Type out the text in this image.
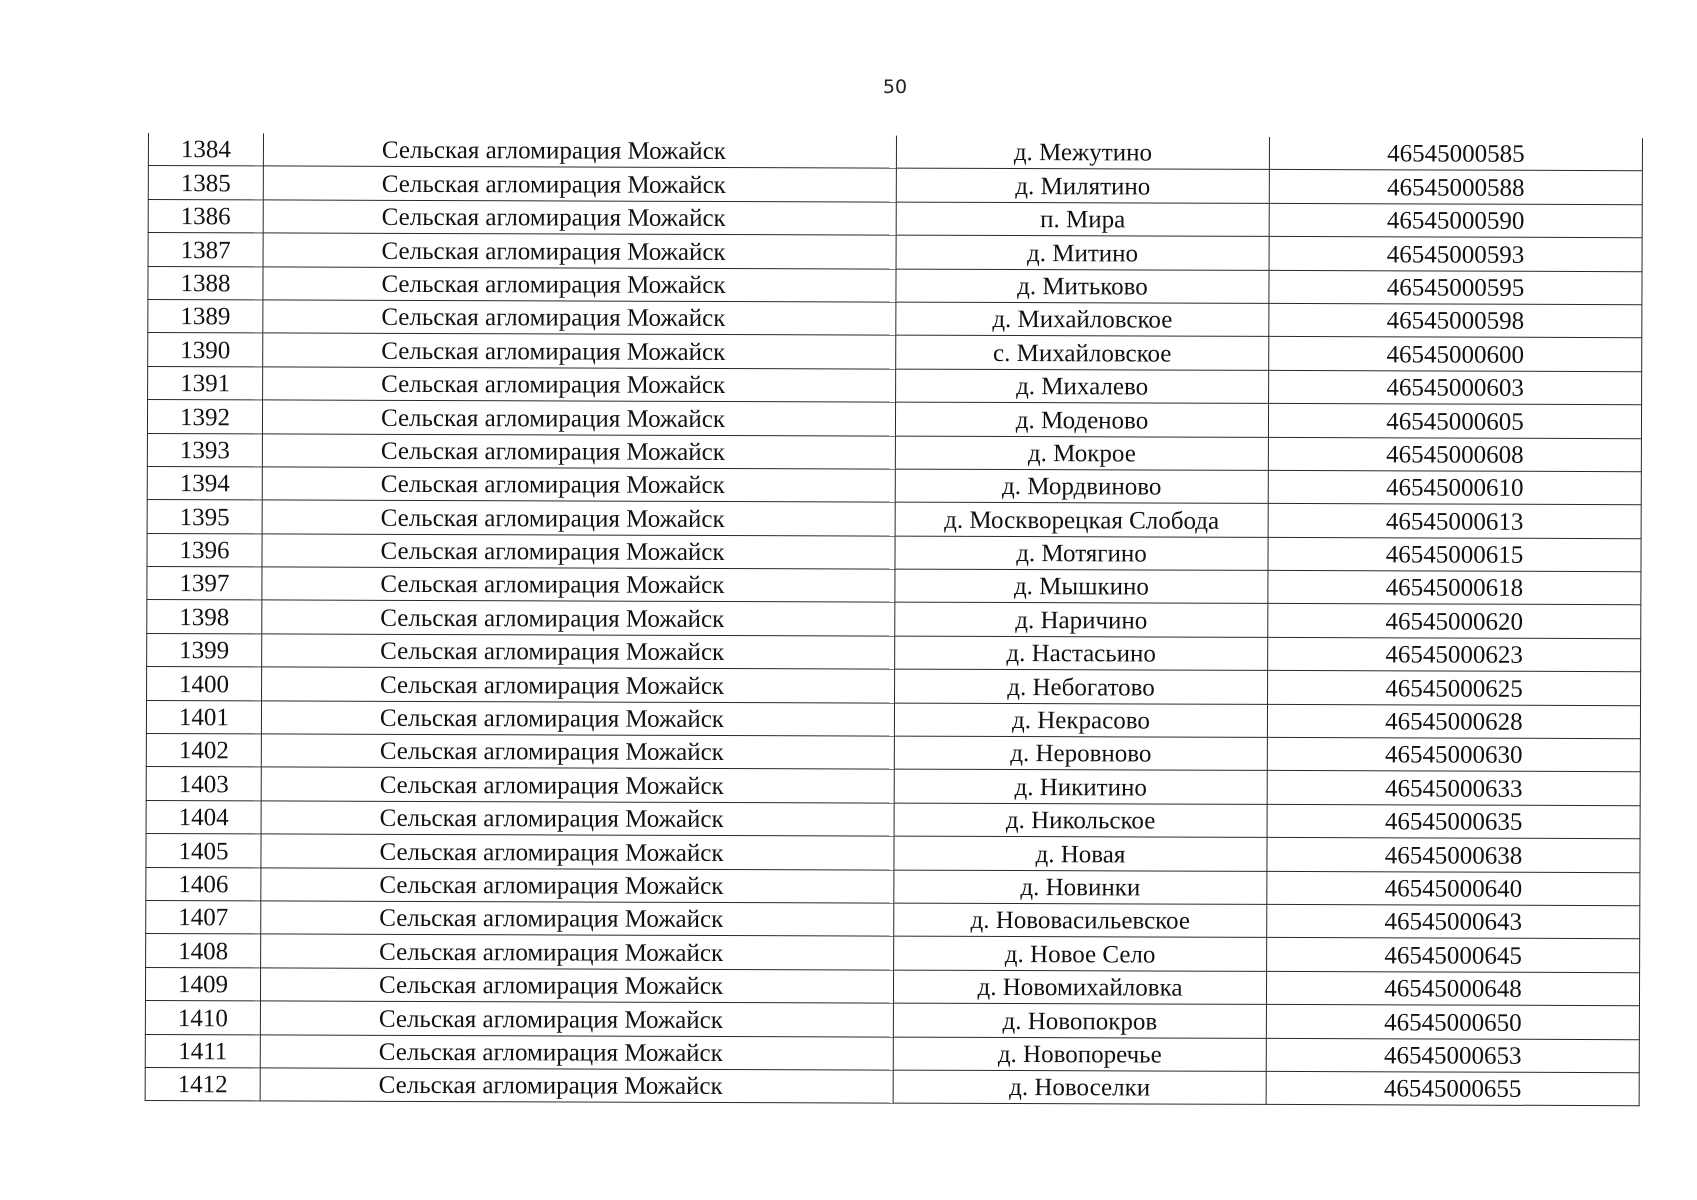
50
1384	Сельская агломирация Можайск	д. Межутино	46545000585
1385	Сельская агломирация Можайск	д. Милятино	46545000588
1386	Сельская агломирация Можайск	п. Мира	46545000590
1387	Сельская агломирация Можайск	д. Митино	46545000593
1388	Сельская агломирация Можайск	д. Митьково	46545000595
1389	Сельская агломирация Можайск	д. Михайловское	46545000598
1390	Сельская агломирация Можайск	с. Михайловское	46545000600
1391	Сельская агломирация Можайск	д. Михалево	46545000603
1392	Сельская агломирация Можайск	д. Моденово	46545000605
1393	Сельская агломирация Можайск	д. Мокрое	46545000608
1394	Сельская агломирация Можайск	д. Мордвиново	46545000610
1395	Сельская агломирация Можайск	д. Москворецкая Слобода	46545000613
1396	Сельская агломирация Можайск	д. Мотягино	46545000615
1397	Сельская агломирация Можайск	д. Мышкино	46545000618
1398	Сельская агломирация Можайск	д. Наричино	46545000620
1399	Сельская агломирация Можайск	д. Настасьино	46545000623
1400	Сельская агломирация Можайск	д. Небогатово	46545000625
1401	Сельская агломирация Можайск	д. Некрасово	46545000628
1402	Сельская агломирация Можайск	д. Неровново	46545000630
1403	Сельская агломирация Можайск	д. Никитино	46545000633
1404	Сельская агломирация Можайск	д. Никольское	46545000635
1405	Сельская агломирация Можайск	д. Новая	46545000638
1406	Сельская агломирация Можайск	д. Новинки	46545000640
1407	Сельская агломирация Можайск	д. Нововасильевское	46545000643
1408	Сельская агломирация Можайск	д. Новое Село	46545000645
1409	Сельская агломирация Можайск	д. Новомихайловка	46545000648
1410	Сельская агломирация Можайск	д. Новопокров	46545000650
1411	Сельская агломирация Можайск	д. Новопоречье	46545000653
1412	Сельская агломирация Можайск	д. Новоселки	46545000655
